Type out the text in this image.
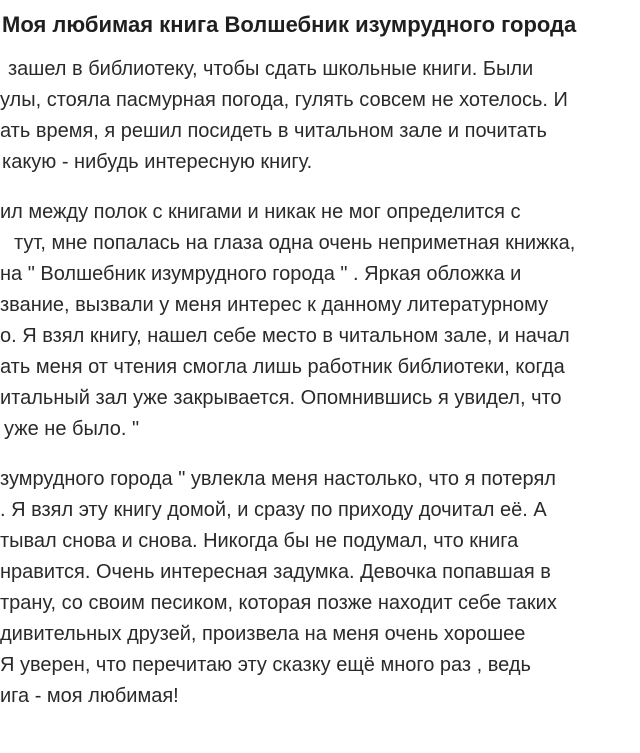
Моя любимая книга Волшебник изумрудного города
зашел в библиотеку, чтобы сдать школьные книги. Были
улы, стояла пасмурная погода, гулять совсем не хотелось. И
ать время, я решил посидеть в читальном зале и почитать
какую - нибудь интересную книгу.
ил между полок с книгами и никак не мог определится с
тут, мне попалась на глаза одна очень неприметная книжка,
на " Волшебник изумрудного города " . Яркая обложка и
звание, вызвали у меня интерес к данному литературному
о. Я взял книгу, нашел себе место в читальном зале, и начал
ать меня от чтения смогла лишь работник библиотеки, когда
итальный зал уже закрывается. Опомнившись я увидел, что
уже не было. "
зумрудного города " увлекла меня настолько, что я потерял
. Я взял эту книгу домой, и сразу по приходу дочитал её. А
тывал снова и снова. Никогда бы не подумал, что книга
нравится. Очень интересная задумка. Девочка попавшая в
трану, со своим песиком, которая позже находит себе таких
дивительных друзей, произвела на меня очень хорошее
Я уверен, что перечитаю эту сказку ещё много раз , ведь
ига - моя любимая!
